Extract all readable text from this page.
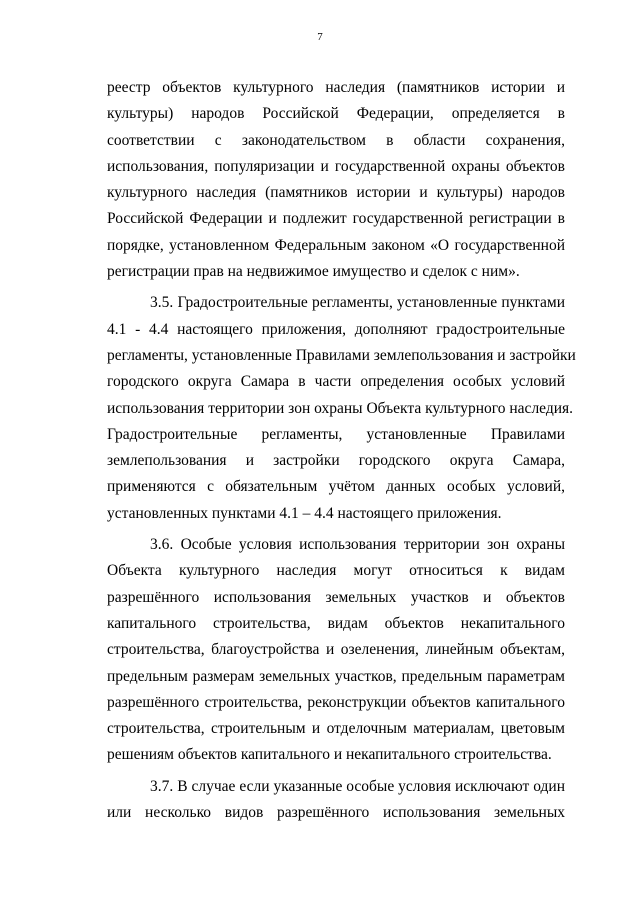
7
реестр объектов культурного наследия (памятников истории и
культуры) народов Российской Федерации, определяется в
соответствии с законодательством в области сохранения,
использования, популяризации и государственной охраны объектов
культурного наследия (памятников истории и культуры) народов
Российской Федерации и подлежит государственной регистрации в
порядке, установленном Федеральным законом «О государственной
регистрации прав на недвижимое имущество и сделок с ним».
3.5. Градостроительные регламенты, установленные пунктами
4.1 - 4.4 настоящего приложения, дополняют градостроительные
регламенты, установленные Правилами землепользования и застройки
городского округа Самара в части определения особых условий
использования территории зон охраны Объекта культурного наследия.
Градостроительные регламенты, установленные Правилами
землепользования и застройки городского округа Самара,
применяются с обязательным учётом данных особых условий,
установленных пунктами 4.1 – 4.4 настоящего приложения.
3.6. Особые условия использования территории зон охраны
Объекта культурного наследия могут относиться к видам
разрешённого использования земельных участков и объектов
капитального строительства, видам объектов некапитального
строительства, благоустройства и озеленения, линейным объектам,
предельным размерам земельных участков, предельным параметрам
разрешённого строительства, реконструкции объектов капитального
строительства, строительным и отделочным материалам, цветовым
решениям объектов капитального и некапитального строительства.
3.7. В случае если указанные особые условия исключают один
или несколько видов разрешённого использования земельных
